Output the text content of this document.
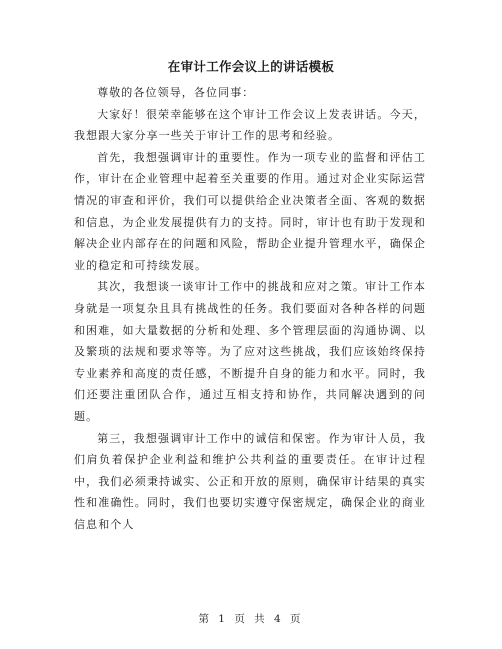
在审计工作会议上的讲话模板

尊敬的各位领导，各位同事：

大家好！很荣幸能够在这个审计工作会议上发表讲话。今天，我想跟大家分享一些关于审计工作的思考和经验。

首先，我想强调审计的重要性。作为一项专业的监督和评估工作，审计在企业管理中起着至关重要的作用。通过对企业实际运营情况的审查和评价，我们可以提供给企业决策者全面、客观的数据和信息，为企业发展提供有力的支持。同时，审计也有助于发现和解决企业内部存在的问题和风险，帮助企业提升管理水平，确保企业的稳定和可持续发展。

其次，我想谈一谈审计工作中的挑战和应对之策。审计工作本身就是一项复杂且具有挑战性的任务。我们要面对各种各样的问题和困难，如大量数据的分析和处理、多个管理层面的沟通协调、以及繁琐的法规和要求等等。为了应对这些挑战，我们应该始终保持专业素养和高度的责任感，不断提升自身的能力和水平。同时，我们还要注重团队合作，通过互相支持和协作，共同解决遇到的问题。

第三，我想强调审计工作中的诚信和保密。作为审计人员，我们肩负着保护企业利益和维护公共利益的重要责任。在审计过程中，我们必须秉持诚实、公正和开放的原则，确保审计结果的真实性和准确性。同时，我们也要切实遵守保密规定，确保企业的商业信息和个人

第 1 页 共 4 页
